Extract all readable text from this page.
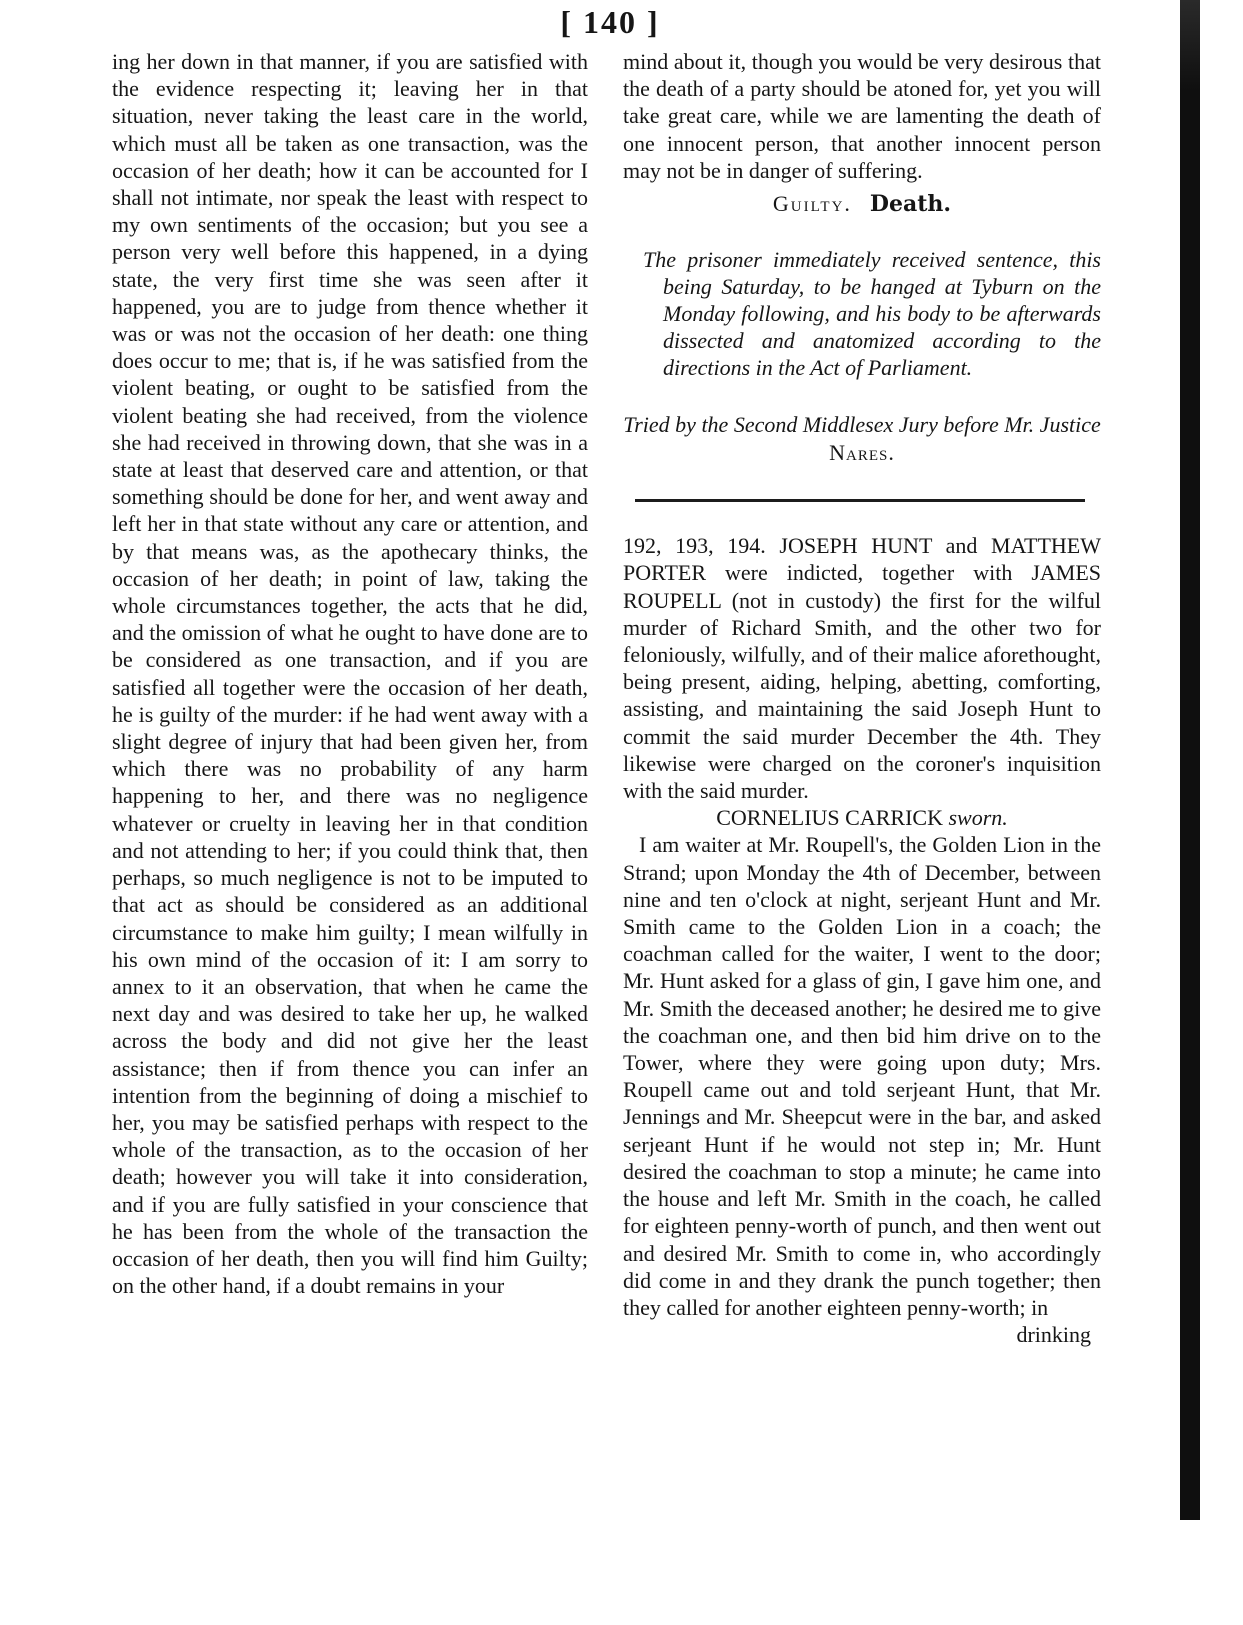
[ 140 ]

ing her down in that manner, if you are satisfied with the evidence respecting it; leaving her in that situation, never taking the least care in the world, which must all be taken as one transaction, was the occasion of her death; how it can be accounted for I shall not intimate, nor speak the least with respect to my own sentiments of the occasion; but you see a person very well before this happened, in a dying state, the very first time she was seen after it happened, you are to judge from thence whether it was or was not the occasion of her death: one thing does occur to me; that is, if he was satisfied from the violent beating, or ought to be satisfied from the violent beating she had received, from the violence she had received in throwing down, that she was in a state at least that deserved care and attention, or that something should be done for her, and went away and left her in that state without any care or attention, and by that means was, as the apothecary thinks, the occasion of her death; in point of law, taking the whole circumstances together, the acts that he did, and the omission of what he ought to have done are to be considered as one transaction, and if you are satisfied all together were the occasion of her death, he is guilty of the murder: if he had went away with a slight degree of injury that had been given her, from which there was no probability of any harm happening to her, and there was no negligence whatever or cruelty in leaving her in that condition and not attending to her; if you could think that, then perhaps, so much negligence is not to be imputed to that act as should be considered as an additional circumstance to make him guilty; I mean wilfully in his own mind of the occasion of it: I am sorry to annex to it an observation, that when he came the next day and was desired to take her up, he walked across the body and did not give her the least assistance; then if from thence you can infer an intention from the beginning of doing a mischief to her, you may be satisfied perhaps with respect to the whole of the transaction, as to the occasion of her death; however you will take it into consideration, and if you are fully satisfied in your conscience that he has been from the whole of the transaction the occasion of her death, then you will find him Guilty; on the other hand, if a doubt remains in your

mind about it, though you would be very desirous that the death of a party should be atoned for, yet you will take great care, while we are lamenting the death of one innocent person, that another innocent person may not be in danger of suffering.

Guilty. Death.

The prisoner immediately received sentence, this being Saturday, to be hanged at Tyburn on the Monday following, and his body to be afterwards dissected and anatomized according to the directions in the Act of Parliament.

Tried by the Second Middlesex Jury before Mr. Justice Nares.

192, 193, 194. JOSEPH HUNT and MATTHEW PORTER were indicted, together with JAMES ROUPELL (not in custody) the first for the wilful murder of Richard Smith, and the other two for feloniously, wilfully, and of their malice aforethought, being present, aiding, helping, abetting, comforting, assisting, and maintaining the said Joseph Hunt to commit the said murder December the 4th. They likewise were charged on the coroner's inquisition with the said murder.

CORNELIUS CARRICK sworn.

I am waiter at Mr. Roupell's, the Golden Lion in the Strand; upon Monday the 4th of December, between nine and ten o'clock at night, serjeant Hunt and Mr. Smith came to the Golden Lion in a coach; the coachman called for the waiter, I went to the door; Mr. Hunt asked for a glass of gin, I gave him one, and Mr. Smith the deceased another; he desired me to give the coachman one, and then bid him drive on to the Tower, where they were going upon duty; Mrs. Roupell came out and told serjeant Hunt, that Mr. Jennings and Mr. Sheepcut were in the bar, and asked serjeant Hunt if he would not step in; Mr. Hunt desired the coachman to stop a minute; he came into the house and left Mr. Smith in the coach, he called for eighteen penny-worth of punch, and then went out and desired Mr. Smith to come in, who accordingly did come in and they drank the punch together; then they called for another eighteen penny-worth; in

drinking
